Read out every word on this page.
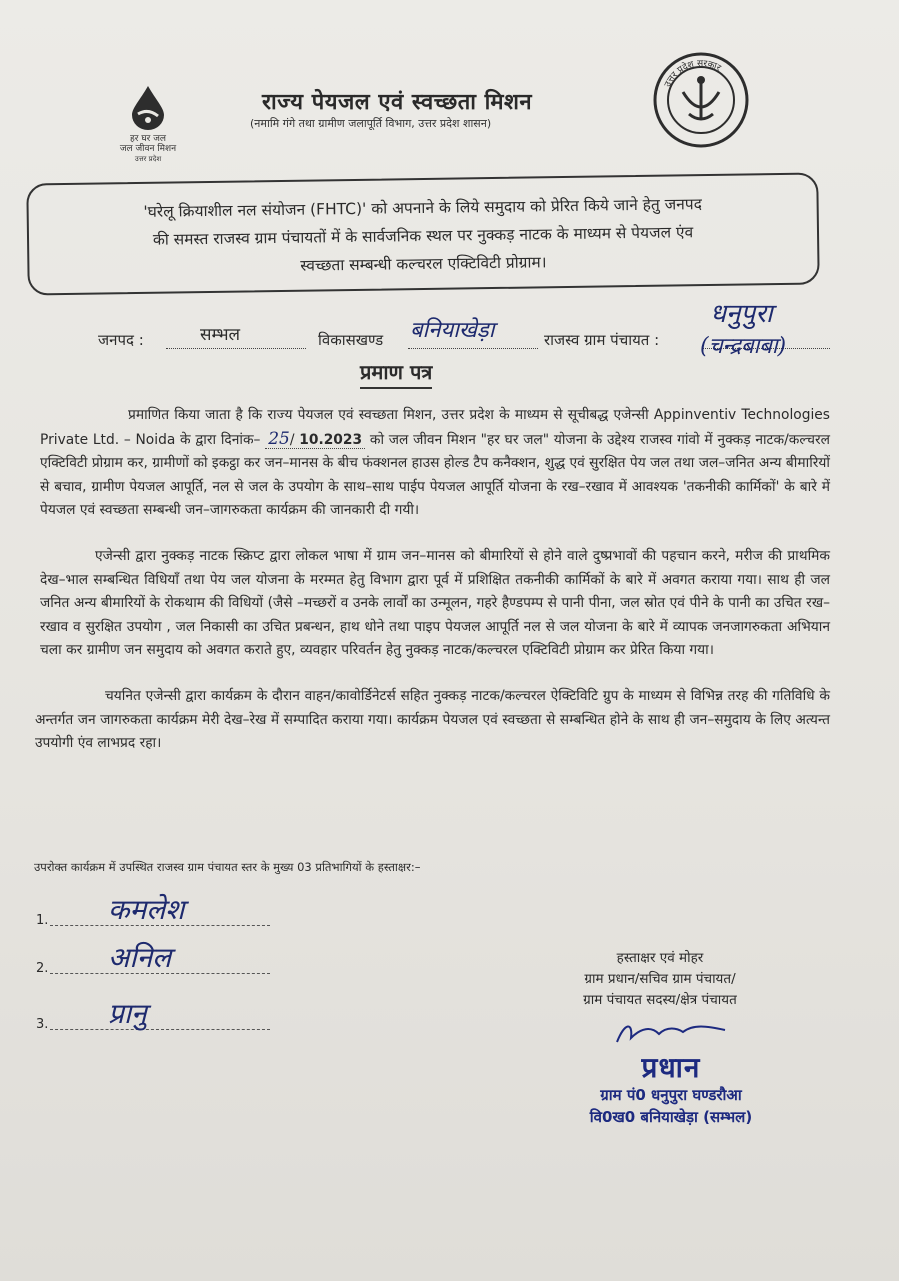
हर घर जल
जल जीवन मिशन
उत्तर प्रदेश
राज्य पेयजल एवं स्वच्छता मिशन
(नमामि गंगे तथा ग्रामीण जलापूर्ति विभाग, उत्तर प्रदेश शासन)
उत्तर प्रदेश सरकार
'घरेलू क्रियाशील नल संयोजन (FHTC)' को अपनाने के लिये समुदाय को प्रेरित किये जाने हेतु जनपद
की समस्त राजस्व ग्राम पंचायतों में के सार्वजनिक स्थल पर नुक्कड़ नाटक के माध्यम से पेयजल एंव
स्वच्छता सम्बन्धी कल्चरल एक्टिविटी प्रोग्राम।
जनपद :	सम्भल	विकासखण्ड बनियाखेड़ा	राजस्व ग्राम पंचायत :
धनुपुरा
(चन्द्रबाबा)
प्रमाण पत्र
प्रमाणित किया जाता है कि राज्य पेयजल एवं स्वच्छता मिशन, उत्तर प्रदेश के माध्यम से सूचीबद्ध एजेन्सी Appinventiv Technologies Private Ltd. – Noida के द्वारा दिनांक– 25/ 10.2023 को जल जीवन मिशन "हर घर जल" योजना के उद्देश्य राजस्व गांवो में नुक्कड़ नाटक/कल्चरल एक्टिविटी प्रोग्राम कर, ग्रामीणों को इकट्ठा कर जन–मानस के बीच फंक्शनल हाउस होल्ड टैप कनैक्शन, शुद्ध एवं सुरक्षित पेय जल तथा जल–जनित अन्य बीमारियों से बचाव, ग्रामीण पेयजल आपूर्ति, नल से जल के उपयोग के साथ–साथ पाईप पेयजल आपूर्ति योजना के रख–रखाव में आवश्यक 'तकनीकी कार्मिकों' के बारे में पेयजल एवं स्वच्छता सम्बन्धी जन–जागरुकता कार्यक्रम की जानकारी दी गयी।
एजेन्सी द्वारा नुक्कड़ नाटक स्क्रिप्ट द्वारा लोकल भाषा में ग्राम जन–मानस को बीमारियों से होने वाले दुष्प्रभावों की पहचान करने, मरीज की प्राथमिक देख–भाल सम्बन्धित विधियाँ तथा पेय जल योजना के मरम्मत हेतु विभाग द्वारा पूर्व में प्रशिक्षित तकनीकी कार्मिकों के बारे में अवगत कराया गया। साथ ही जल जनित अन्य बीमारियों के रोकथाम की विधियों (जैसे –मच्छरों व उनके लार्वों का उन्मूलन, गहरे हैण्डपम्प से पानी पीना, जल स्रोत एवं पीने के पानी का उचित रख–रखाव व सुरक्षित उपयोग , जल निकासी का उचित प्रबन्धन, हाथ धोने तथा पाइप पेयजल आपूर्ति नल से जल योजना के बारे में व्यापक जनजागरुकता अभियान चला कर ग्रामीण जन समुदाय को अवगत कराते हुए, व्यवहार परिवर्तन हेतु नुक्कड़ नाटक/कल्चरल एक्टिविटी प्रोग्राम कर प्रेरित किया गया।
चयनित एजेन्सी द्वारा कार्यक्रम के दौरान वाहन/कावोर्डिनेटर्स सहित नुक्कड़ नाटक/कल्चरल ऐक्टिविटि ग्रुप के माध्यम से विभिन्न तरह की गतिविधि के अन्तर्गत जन जागरुकता कार्यक्रम मेरी देख–रेख में सम्पादित कराया गया। कार्यक्रम पेयजल एवं स्वच्छता से सम्बन्धित होने के साथ ही जन–समुदाय के लिए अत्यन्त उपयोगी एंव लाभप्रद रहा।
उपरोक्त कार्यक्रम में उपस्थित राजस्व ग्राम पंचायत स्तर के मुख्य 03 प्रतिभागियों के हस्ताक्षर:–
1. कमलेश
2. अनिल
3. प्रानु
हस्ताक्षर एवं मोहर
ग्राम प्रधान/सचिव ग्राम पंचायत/
ग्राम पंचायत सदस्य/क्षेत्र पंचायत
प्रधान
ग्राम पं0 धनुपुरा घण्डरौआ
वि0ख0 बनियाखेड़ा (सम्भल)
